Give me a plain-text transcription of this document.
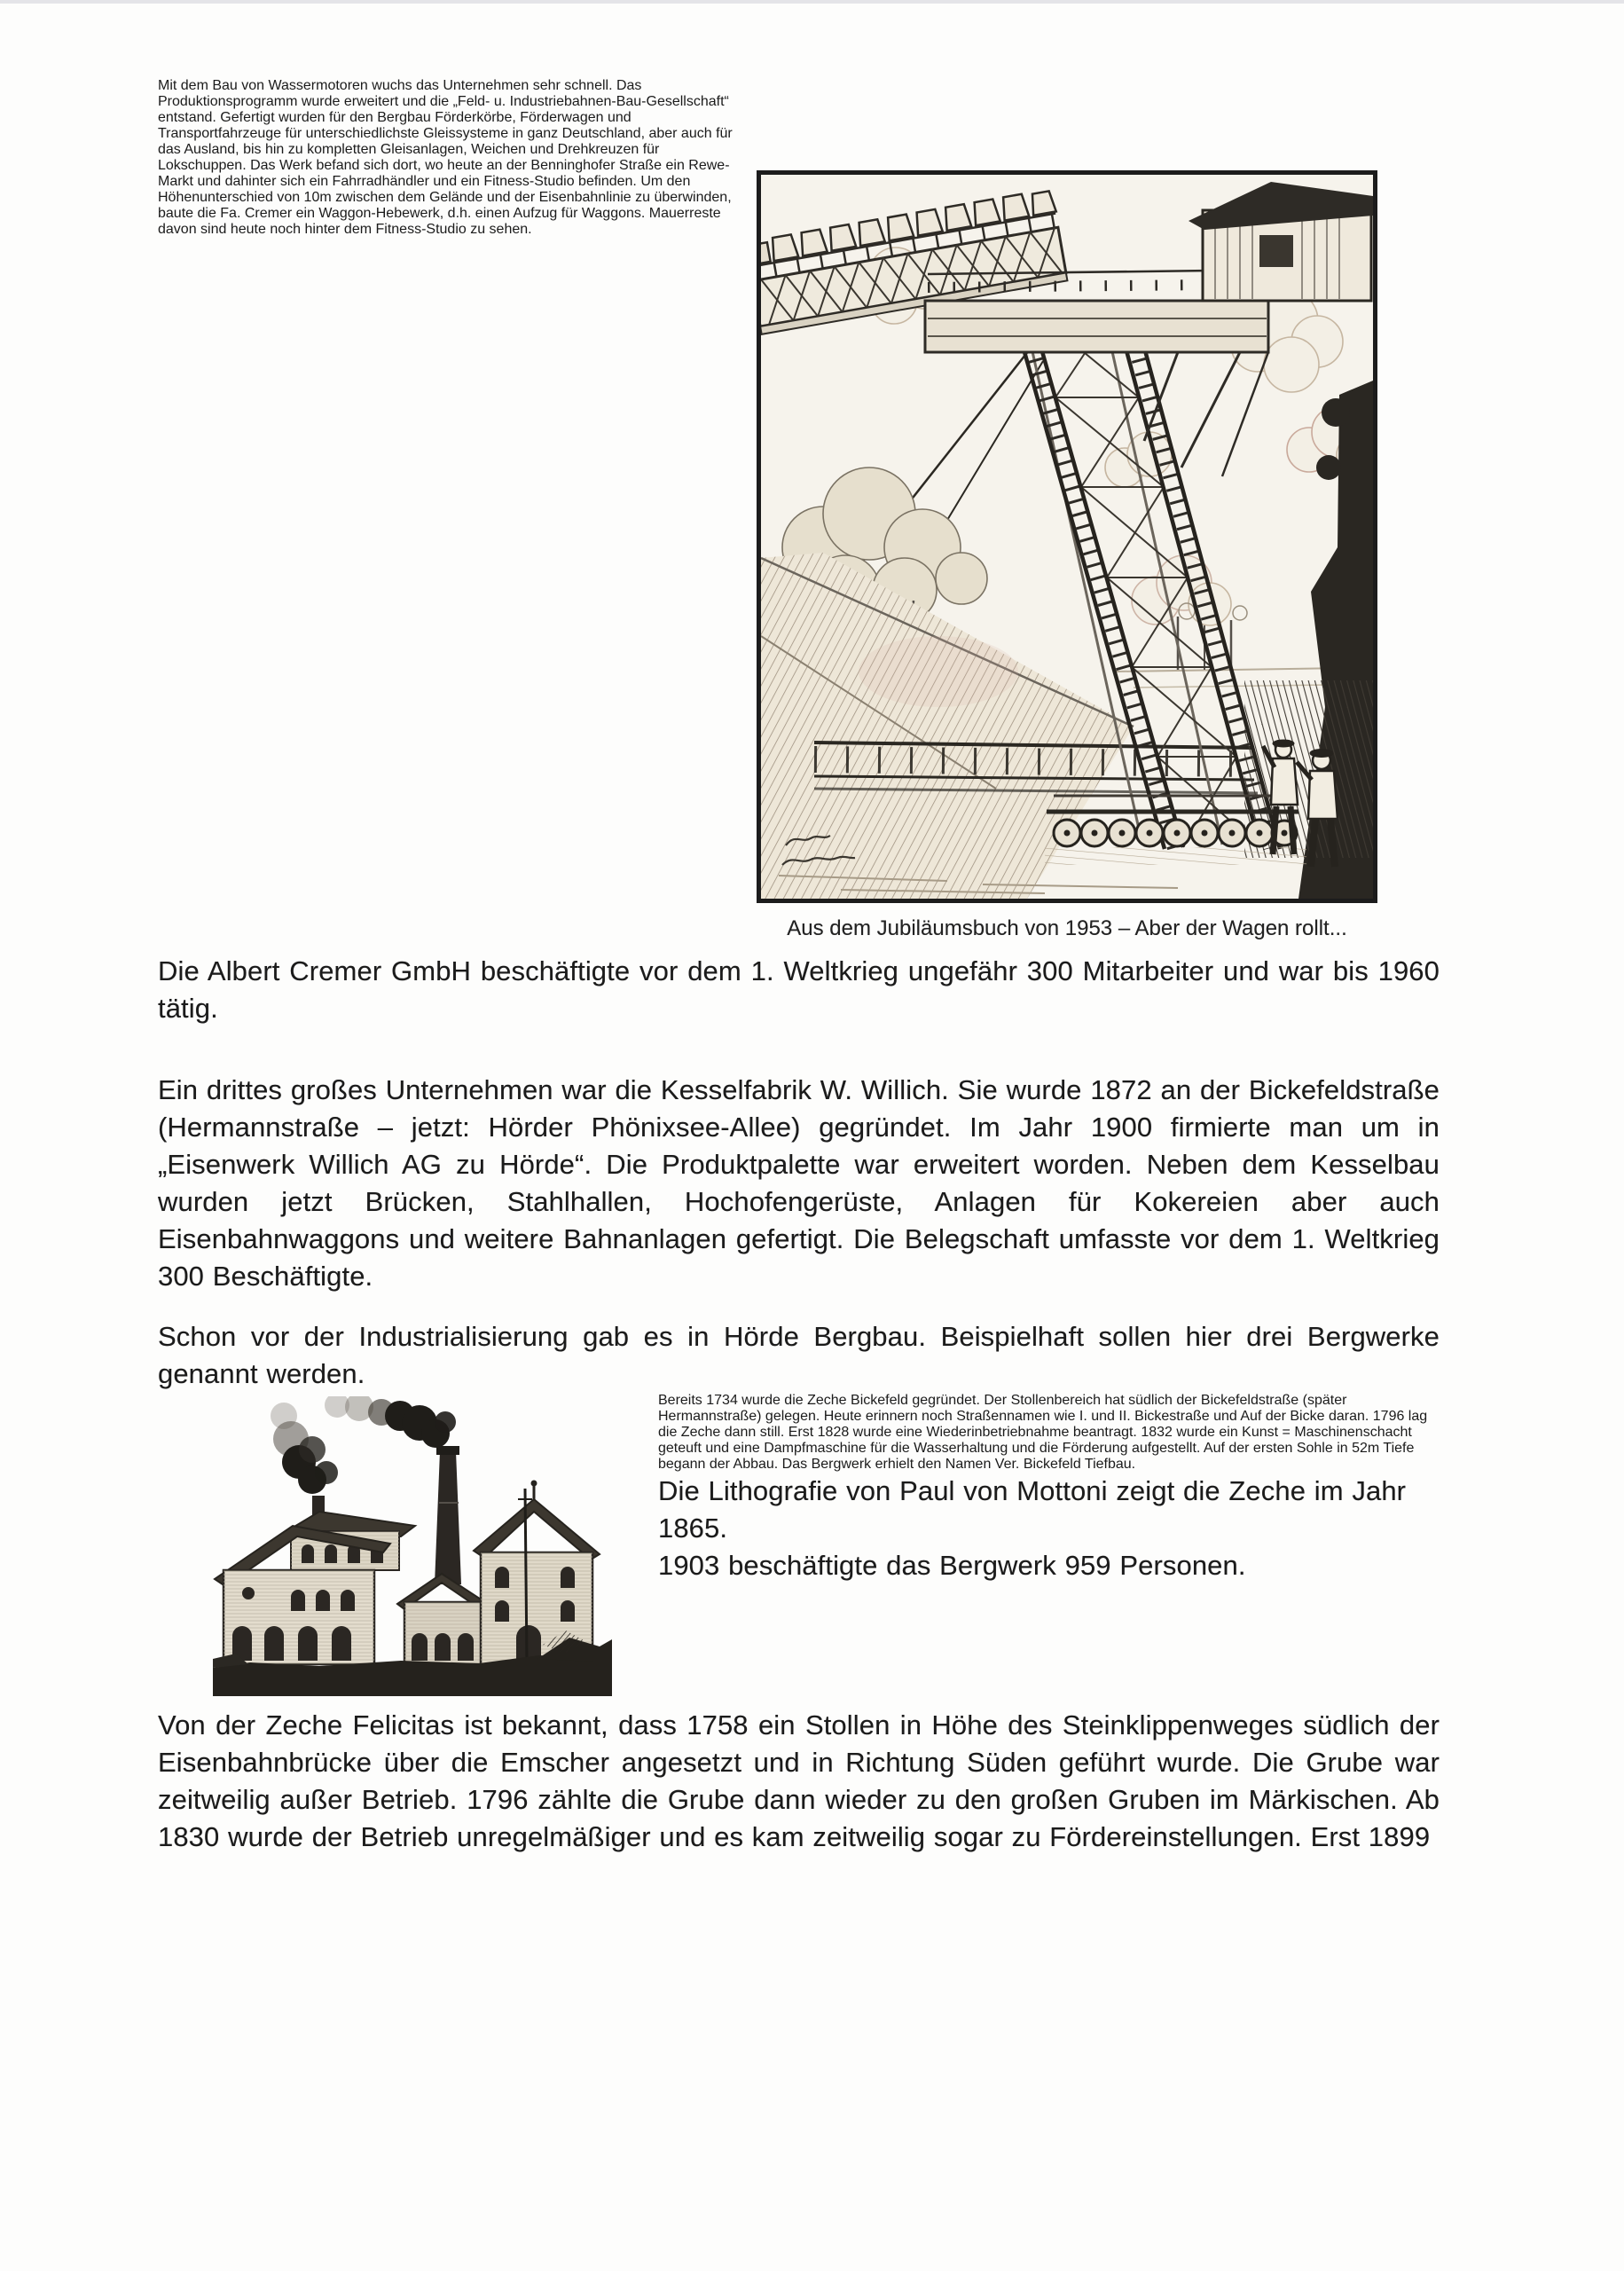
Aus dem Jubiläumsbuch von 1953 – Aber der Wagen rollt...
Mit dem Bau von Wassermotoren wuchs das Unternehmen sehr schnell. Das Produktionsprogramm wurde erweitert und die „Feld- u. Industriebahnen-Bau-Gesellschaft“ entstand. Gefertigt wurden für den Bergbau Förderkörbe, Förderwagen und Transportfahrzeuge für unterschiedlichste Gleissysteme in ganz Deutschland, aber auch für das Ausland, bis hin zu kompletten Gleisanlagen, Weichen und Drehkreuzen für Lokschuppen. Das Werk befand sich dort, wo heute an der Benninghofer Straße ein Rewe-Markt und dahinter sich ein Fahrradhändler und ein Fitness-Studio befinden. Um den Höhenunterschied von 10m zwischen dem Gelände und der Eisenbahnlinie zu überwinden, baute die Fa. Cremer ein Waggon-Hebewerk, d.h. einen Aufzug für Waggons. Mauerreste davon sind heute noch hinter dem Fitness-Studio zu sehen.

Die Albert Cremer GmbH beschäftigte vor dem 1. Weltkrieg ungefähr 300 Mitarbeiter und war bis 1960 tätig.

Ein drittes großes Unternehmen war die Kesselfabrik W. Willich. Sie wurde 1872 an der Bickefeldstraße (Hermannstraße – jetzt: Hörder Phönixsee-Allee) gegründet. Im Jahr 1900 firmierte man um in „Eisenwerk Willich AG zu Hörde“. Die Produktpalette war erweitert worden. Neben dem Kesselbau wurden jetzt Brücken, Stahlhallen, Hochofengerüste, Anlagen für Kokereien aber auch Eisenbahnwaggons und weitere Bahnanlagen gefertigt. Die Belegschaft umfasste vor dem 1. Weltkrieg 300 Beschäftigte.

Schon vor der Industrialisierung gab es in Hörde Bergbau. Beispielhaft sollen hier drei Bergwerke genannt werden.

Bereits 1734 wurde die Zeche Bickefeld gegründet. Der Stollenbereich hat südlich der Bickefeldstraße (später Hermannstraße) gelegen. Heute erinnern noch Straßennamen wie I. und II. Bickestraße und Auf der Bicke daran. 1796 lag die Zeche dann still. Erst 1828 wurde eine Wiederinbetriebnahme beantragt. 1832 wurde ein Kunst = Maschinenschacht geteuft und eine Dampfmaschine für die Wasserhaltung und die Förderung aufgestellt. Auf der ersten Sohle in 52m Tiefe begann der Abbau. Das Bergwerk erhielt den Namen Ver. Bickefeld Tiefbau.

Die Lithografie von Paul von Mottoni zeigt die Zeche im Jahr 1865.

1903 beschäftigte das Bergwerk 959 Personen.

Von der Zeche Felicitas ist bekannt, dass 1758 ein Stollen in Höhe des Steinklippenweges südlich der Eisenbahnbrücke über die Emscher angesetzt und in Richtung Süden geführt wurde. Die Grube war zeitweilig außer Betrieb. 1796 zählte die Grube dann wieder zu den großen Gruben im Märkischen. Ab 1830 wurde der Betrieb unregelmäßiger und es kam zeitweilig sogar zu Fördereinstellungen. Erst 1899
